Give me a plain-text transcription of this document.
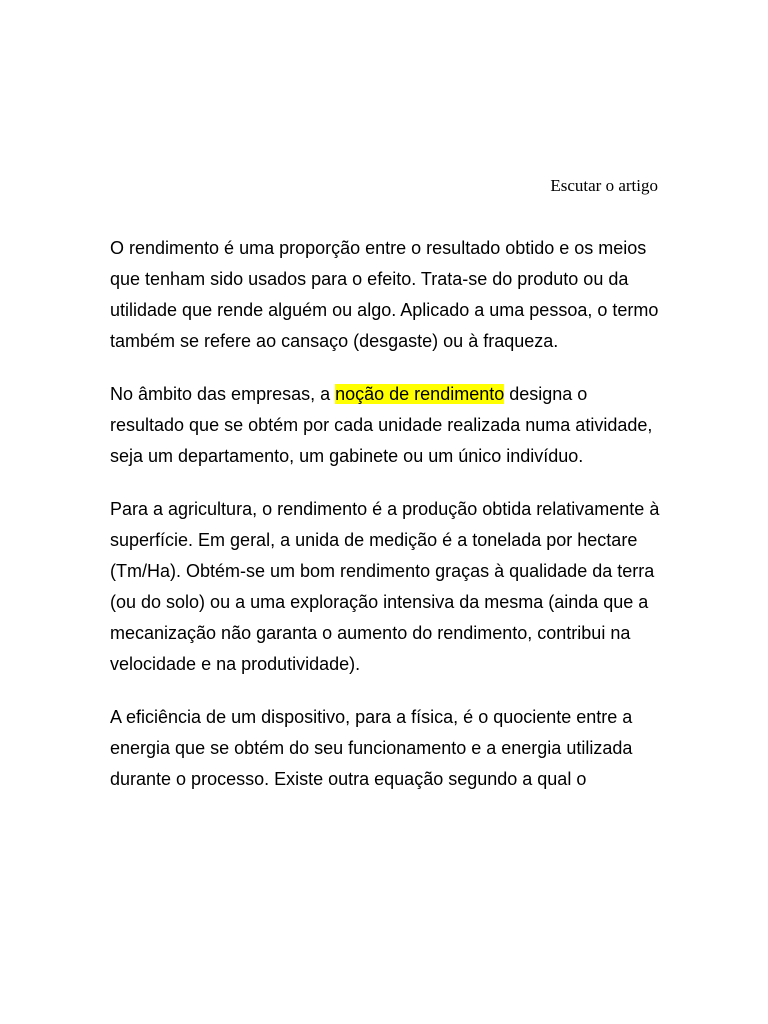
Escutar o artigo

O rendimento é uma proporção entre o resultado obtido e os meios que tenham sido usados para o efeito. Trata-se do produto ou da utilidade que rende alguém ou algo. Aplicado a uma pessoa, o termo também se refere ao cansaço (desgaste) ou à fraqueza.

No âmbito das empresas, a noção de rendimento designa o resultado que se obtém por cada unidade realizada numa atividade, seja um departamento, um gabinete ou um único indivíduo.

Para a agricultura, o rendimento é a produção obtida relativamente à superfície. Em geral, a unida de medição é a tonelada por hectare (Tm/Ha). Obtém-se um bom rendimento graças à qualidade da terra (ou do solo) ou a uma exploração intensiva da mesma (ainda que a mecanização não garanta o aumento do rendimento, contribui na velocidade e na produtividade).

A eficiência de um dispositivo, para a física, é o quociente entre a energia que se obtém do seu funcionamento e a energia utilizada durante o processo. Existe outra equação segundo a qual o
